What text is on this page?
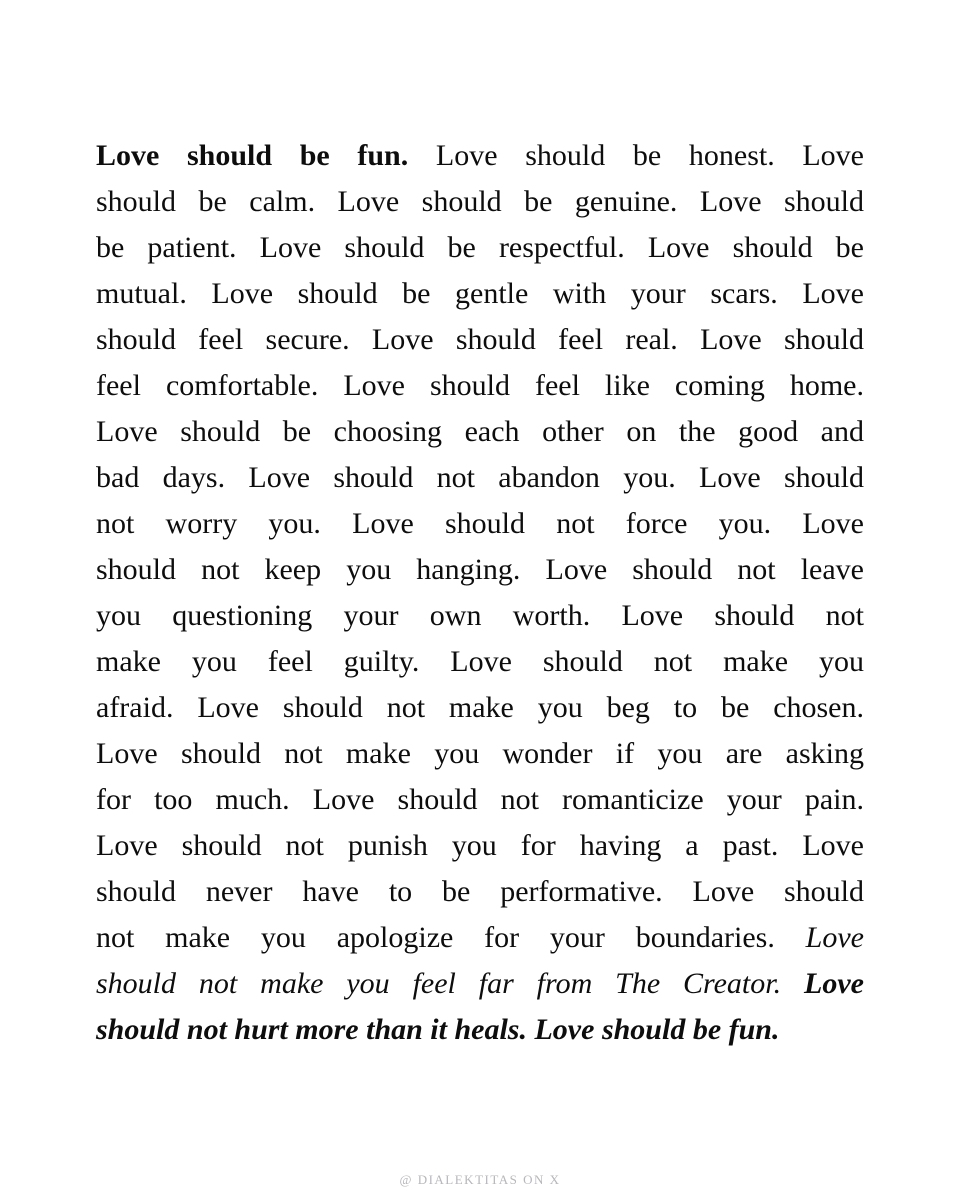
Love should be fun. Love should be honest. Love
should be calm. Love should be genuine. Love should
be patient. Love should be respectful. Love should be
mutual. Love should be gentle with your scars. Love
should feel secure. Love should feel real. Love should
feel comfortable. Love should feel like coming home.
Love should be choosing each other on the good and
bad days. Love should not abandon you. Love should
not worry you. Love should not force you. Love
should not keep you hanging. Love should not leave
you questioning your own worth. Love should not
make you feel guilty. Love should not make you
afraid. Love should not make you beg to be chosen.
Love should not make you wonder if you are asking
for too much. Love should not romanticize your pain.
Love should not punish you for having a past. Love
should never have to be performative. Love should
not make you apologize for your boundaries. Love
should not make you feel far from The Creator. Love
should not hurt more than it heals. Love should be fun.
@ DIALEKTITAS ON X
